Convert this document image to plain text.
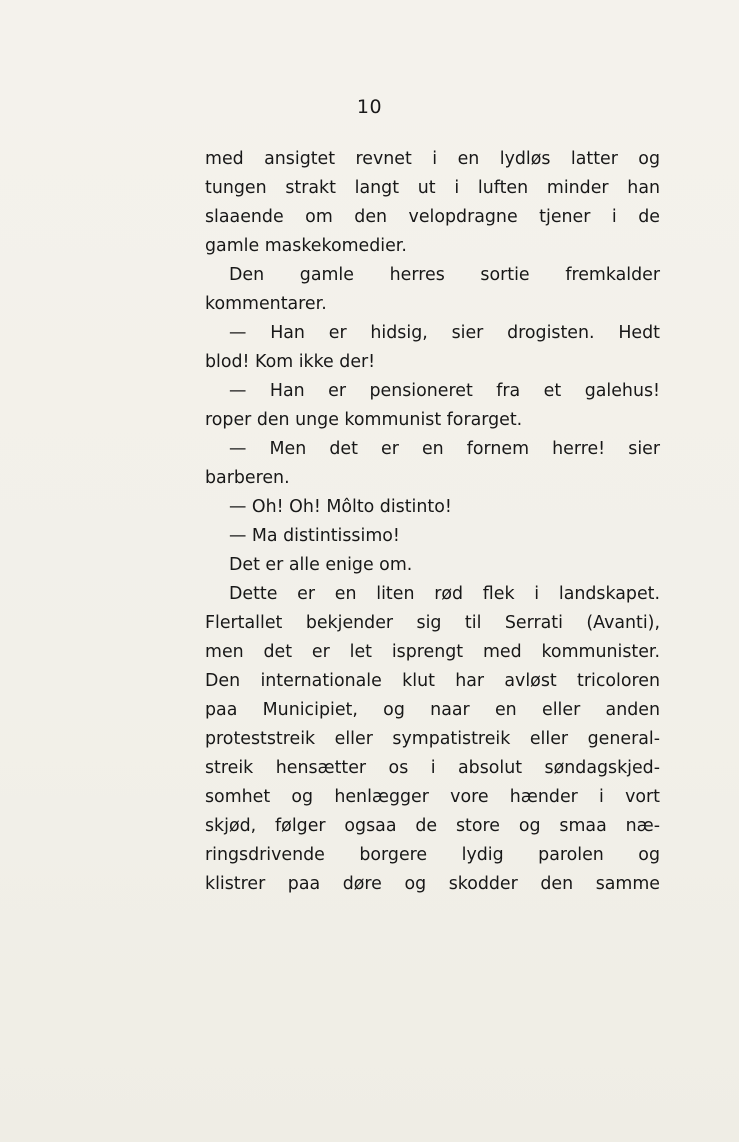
10
med ansigtet revnet i en lydløs latter og
tungen strakt langt ut i luften minder han
slaaende om den velopdragne tjener i de
gamle maskekomedier.
Den gamle herres sortie fremkalder
kommentarer.
— Han er hidsig, sier drogisten. Hedt
blod! Kom ikke der!
— Han er pensioneret fra et galehus!
roper den unge kommunist forarget.
— Men det er en fornem herre! sier
barberen.
— Oh! Oh! Môlto distinto!
— Ma distintissimo!
Det er alle enige om.
Dette er en liten rød flek i landskapet.
Flertallet bekjender sig til Serrati (Avanti),
men det er let isprengt med kommunister.
Den internationale klut har avløst tricoloren
paa Municipiet, og naar en eller anden
proteststreik eller sympatistreik eller general-
streik hensætter os i absolut søndagskjed-
somhet og henlægger vore hænder i vort
skjød, følger ogsaa de store og smaa næ-
ringsdrivende borgere lydig parolen og
klistrer paa døre og skodder den samme
